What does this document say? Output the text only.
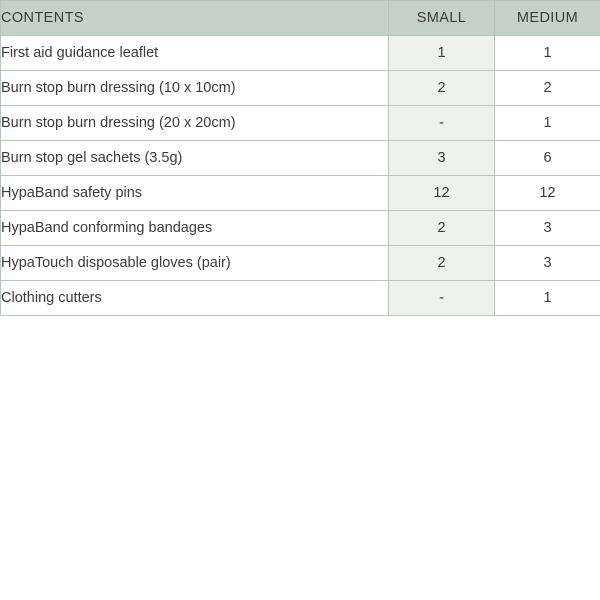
CONTENTS	SMALL	MEDIUM
First aid guidance leaflet	1	1
Burn stop burn dressing (10 x 10cm)	2	2
Burn stop burn dressing (20 x 20cm)	-	1
Burn stop gel sachets (3.5g)	3	6
HypaBand safety pins	12	12
HypaBand conforming bandages	2	3
HypaTouch disposable gloves (pair)	2	3
Clothing cutters	-	1
